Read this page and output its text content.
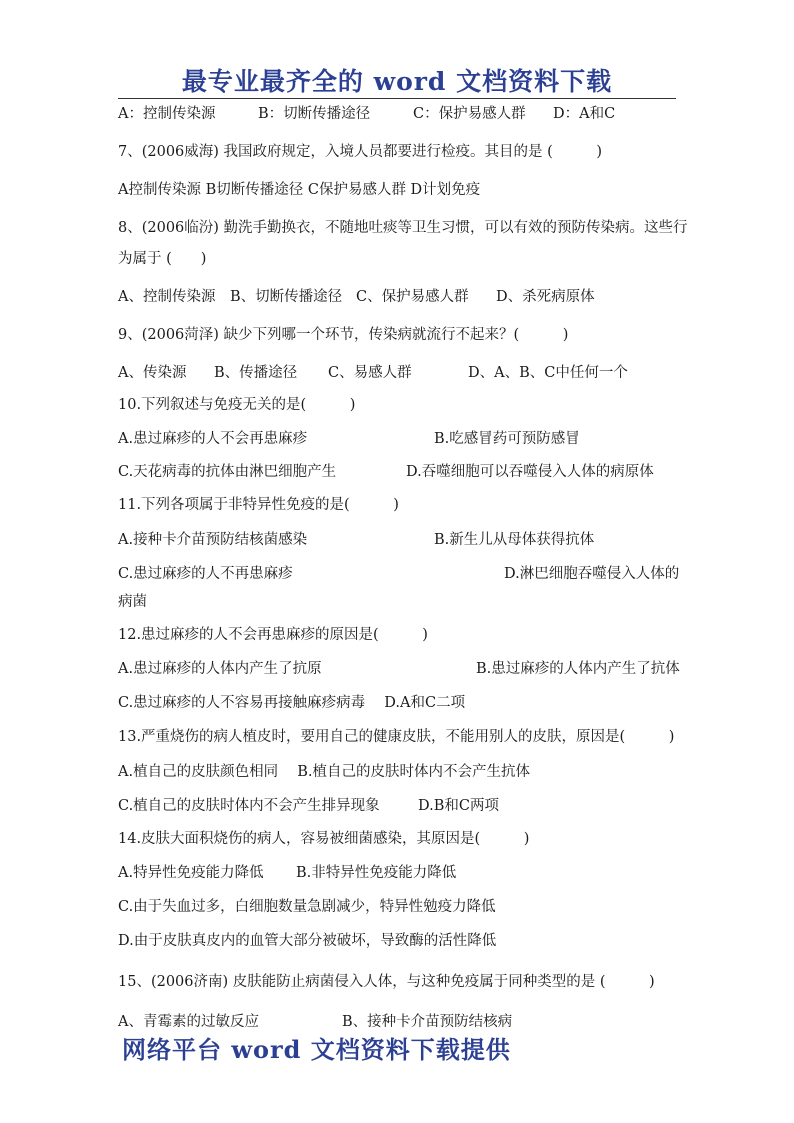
最专业最齐全的 word 文档资料下载
A：控制传染源	B：切断传播途径	C：保护易感人群 D：A和C
7、(2006威海) 我国政府规定，入境人员都要进行检疫。其目的是 (　　　)
A控制传染源 B切断传播途径 C保护易感人群 D计划免疫
8、(2006临汾) 勤洗手勤换衣，不随地吐痰等卫生习惯，可以有效的预防传染病。这些行
为属于 (　　)
A、控制传染源 B、切断传播途径 C、保护易感人群 D、杀死病原体
9、(2006菏泽) 缺少下列哪一个环节，传染病就流行不起来？(　　　)
A、传染源 B、传播途径 C、易感人群	D、A、B、C中任何一个
10.下列叙述与免疫无关的是(　　　)
A.患过麻疹的人不会再患麻疹	B.吃感冒药可预防感冒
C.天花病毒的抗体由淋巴细胞产生	D.吞噬细胞可以吞噬侵入人体的病原体
11.下列各项属于非特异性免疫的是(　　　)
A.接种卡介苗预防结核菌感染	B.新生儿从母体获得抗体
C.患过麻疹的人不再患麻疹	D.淋巴细胞吞噬侵入人体的
病菌
12.患过麻疹的人不会再患麻疹的原因是(　　　)
A.患过麻疹的人体内产生了抗原	B.患过麻疹的人体内产生了抗体
C.患过麻疹的人不容易再接触麻疹病毒　 D.A和C二项
13.严重烧伤的病人植皮时，要用自己的健康皮肤，不能用别人的皮肤，原因是(　　　)
A.植自己的皮肤颜色相同　 B.植自己的皮肤时体内不会产生抗体
C.植自己的皮肤时体内不会产生排异现象	D.B和C两项
14.皮肤大面积烧伤的病人，容易被细菌感染，其原因是(　　　)
A.特异性免疫能力降低 B.非特异性免疫能力降低
C.由于失血过多，白细胞数量急剧减少，特异性勉疫力降低
D.由于皮肤真皮内的血管大部分被破坏，导致酶的活性降低
15、(2006济南) 皮肤能防止病菌侵入人体，与这种免疫属于同种类型的是 (　　　)
A、青霉素的过敏反应	B、接种卡介苗预防结核病
网络平台 word 文档资料下载提供
